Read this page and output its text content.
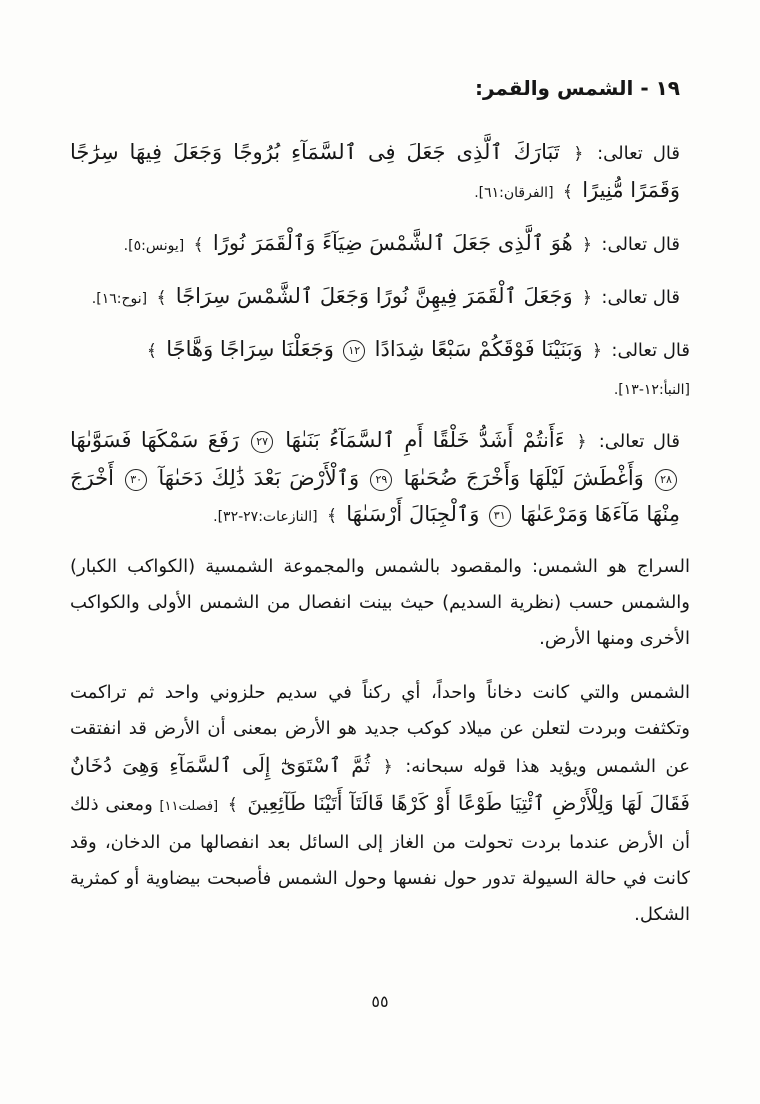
١٩ - الشمس والقمر:

قال تعالى: ﴿ تَبَارَكَ ٱلَّذِى جَعَلَ فِى ٱلسَّمَآءِ بُرُوجًا وَجَعَلَ فِيهَا سِرَٰجًا وَقَمَرًا مُّنِيرًا ﴾ [الفرقان:٦١].

قال تعالى: ﴿ هُوَ ٱلَّذِى جَعَلَ ٱلشَّمْسَ ضِيَآءً وَٱلْقَمَرَ نُورًا ﴾ [يونس:٥].

قال تعالى: ﴿ وَجَعَلَ ٱلْقَمَرَ فِيهِنَّ نُورًا وَجَعَلَ ٱلشَّمْسَ سِرَاجًا ﴾ [نوح:١٦].

قال تعالى: ﴿ وَبَنَيْنَا فَوْقَكُمْ سَبْعًا شِدَادًا ١٢ وَجَعَلْنَا سِرَاجًا وَهَّاجًا ﴾ [النبأ:١٢-١٣].

قال تعالى: ﴿ ءَأَنتُمْ أَشَدُّ خَلْقًا أَمِ ٱلسَّمَآءُ بَنَىٰهَا ٢٧ رَفَعَ سَمْكَهَا فَسَوَّىٰهَا ٢٨ وَأَغْطَشَ لَيْلَهَا وَأَخْرَجَ ضُحَىٰهَا ٢٩ وَٱلْأَرْضَ بَعْدَ ذَٰلِكَ دَحَىٰهَآ ٣٠ أَخْرَجَ مِنْهَا مَآءَهَا وَمَرْعَىٰهَا ٣١ وَٱلْجِبَالَ أَرْسَىٰهَا ﴾ [النازعات:٢٧-٣٢].

السراج هو الشمس: والمقصود بالشمس والمجموعة الشمسية (الكواكب الكبار) والشمس حسب (نظرية السديم) حيث بينت انفصال من الشمس الأولى والكواكب الأخرى ومنها الأرض.

الشمس والتي كانت دخاناً واحداً، أي ركناً في سديم حلزوني واحد ثم تراكمت وتكثفت وبردت لتعلن عن ميلاد كوكب جديد هو الأرض بمعنى أن الأرض قد انفتقت عن الشمس ويؤيد هذا قوله سبحانه: ﴿ ثُمَّ ٱسْتَوَىٰٓ إِلَى ٱلسَّمَآءِ وَهِىَ دُخَانٌ فَقَالَ لَهَا وَلِلْأَرْضِ ٱئْتِيَا طَوْعًا أَوْ كَرْهًا قَالَتَآ أَتَيْنَا طَآئِعِينَ ﴾ [فصلت١١] ومعنى ذلك أن الأرض عندما بردت تحولت من الغاز إلى السائل بعد انفصالها من الدخان، وقد كانت في حالة السيولة تدور حول نفسها وحول الشمس فأصبحت بيضاوية أو كمثرية الشكل.

٥٥
